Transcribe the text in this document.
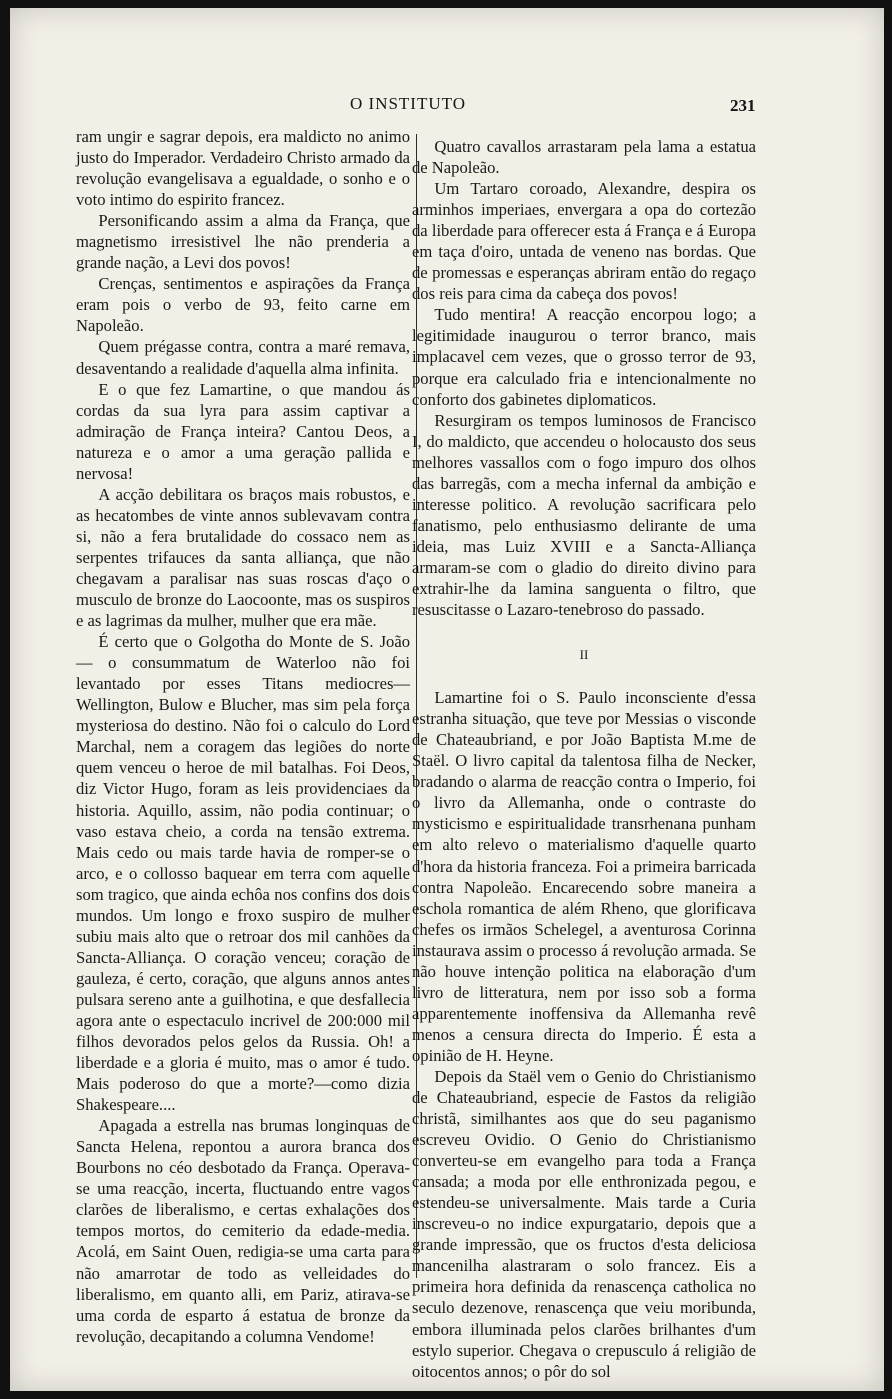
O INSTITUTO	231

ram ungir e sagrar depois, era maldicto no animo justo do Imperador. Verdadeiro Christo armado da revolução evangelisava a egualdade, o sonho e o voto intimo do espirito francez.

Personificando assim a alma da França, que magnetismo irresistivel lhe não prenderia a grande nação, a Levi dos povos!

Crenças, sentimentos e aspirações da França eram pois o verbo de 93, feito carne em Napoleão.

Quem prégasse contra, contra a maré remava, desaventando a realidade d'aquella alma infinita.

E o que fez Lamartine, o que mandou ás cordas da sua lyra para assim captivar a admiração de França inteira? Cantou Deos, a natureza e o amor a uma geração pallida e nervosa!

A acção debilitara os braços mais robustos, e as hecatombes de vinte annos sublevavam contra si, não a fera brutalidade do cossaco nem as serpentes trifauces da santa alliança, que não chegavam a paralisar nas suas roscas d'aço o musculo de bronze do Laocoonte, mas os suspiros e as lagrimas da mulher, mulher que era mãe.

É certo que o Golgotha do Monte de S. João — o consummatum de Waterloo não foi levantado por esses Titans mediocres—Wellington, Bulow e Blucher, mas sim pela força mysteriosa do destino. Não foi o calculo do Lord Marchal, nem a coragem das legiões do norte quem venceu o heroe de mil batalhas. Foi Deos, diz Victor Hugo, foram as leis providenciaes da historia. Aquillo, assim, não podia continuar; o vaso estava cheio, a corda na tensão extrema. Mais cedo ou mais tarde havia de romper-se o arco, e o collosso baquear em terra com aquelle som tragico, que ainda echôa nos confins dos dois mundos. Um longo e froxo suspiro de mulher subiu mais alto que o retroar dos mil canhões da Sancta-Alliança. O coração venceu; coração de gauleza, é certo, coração, que alguns annos antes pulsara sereno ante a guilhotina, e que desfallecia agora ante o espectaculo incrivel de 200:000 mil filhos devorados pelos gelos da Russia. Oh! a liberdade e a gloria é muito, mas o amor é tudo. Mais poderoso do que a morte?—como dizia Shakespeare....

Apagada a estrella nas brumas longinquas de Sancta Helena, repontou a aurora branca dos Bourbons no céo desbotado da França. Operava-se uma reacção, incerta, fluctuando entre vagos clarões de liberalismo, e certas exhalações dos tempos mortos, do cemiterio da edade-media. Acolá, em Saint Ouen, redigia-se uma carta para não amarrotar de todo as velleidades do liberalismo, em quanto alli, em Pariz, atirava-se uma corda de esparto á estatua de bronze da revolução, decapitando a columna Vendome!

Quatro cavallos arrastaram pela lama a estatua de Napoleão.

Um Tartaro coroado, Alexandre, despira os arminhos imperiaes, envergara a opa do cortezão da liberdade para offerecer esta á França e á Europa em taça d'oiro, untada de veneno nas bordas. Que de promessas e esperanças abriram então do regaço dos reis para cima da cabeça dos povos!

Tudo mentira! A reacção encorpou logo; a legitimidade inaugurou o terror branco, mais implacavel cem vezes, que o grosso terror de 93, porque era calculado fria e intencionalmente no conforto dos gabinetes diplomaticos.

Resurgiram os tempos luminosos de Francisco I, do maldicto, que accendeu o holocausto dos seus melhores vassallos com o fogo impuro dos olhos das barregãs, com a mecha infernal da ambição e interesse politico. A revolução sacrificara pelo fanatismo, pelo enthusiasmo delirante de uma ideia, mas Luiz XVIII e a Sancta-Alliança armaram-se com o gladio do direito divino para extrahir-lhe da lamina sanguenta o filtro, que resuscitasse o Lazaro-tenebroso do passado.

II

Lamartine foi o S. Paulo inconsciente d'essa estranha situação, que teve por Messias o visconde de Chateaubriand, e por João Baptista M.me de Staël. O livro capital da talentosa filha de Necker, bradando o alarma de reacção contra o Imperio, foi o livro da Allemanha, onde o contraste do mysticismo e espiritualidade transrhenana punham em alto relevo o materialismo d'aquelle quarto d'hora da historia franceza. Foi a primeira barricada contra Napoleão. Encarecendo sobre maneira a eschola romantica de além Rheno, que glorificava chefes os irmãos Schelegel, a aventurosa Corinna instaurava assim o processo á revolução armada. Se não houve intenção politica na elaboração d'um livro de litteratura, nem por isso sob a forma apparentemente inoffensiva da Allemanha revê menos a censura directa do Imperio. É esta a opinião de H. Heyne.

Depois da Staël vem o Genio do Christianismo de Chateaubriand, especie de Fastos da religião christã, similhantes aos que do seu paganismo escreveu Ovidio. O Genio do Christianismo converteu-se em evangelho para toda a França cansada; a moda por elle enthronizada pegou, e estendeu-se universalmente. Mais tarde a Curia inscreveu-o no indice expurgatario, depois que a grande impressão, que os fructos d'esta deliciosa mancenilha alastraram o solo francez. Eis a primeira hora definida da renascença catholica no seculo dezenove, renascença que veiu moribunda, embora illuminada pelos clarões brilhantes d'um estylo superior. Chegava o crepusculo á religião de oitocentos annos; o pôr do sol
